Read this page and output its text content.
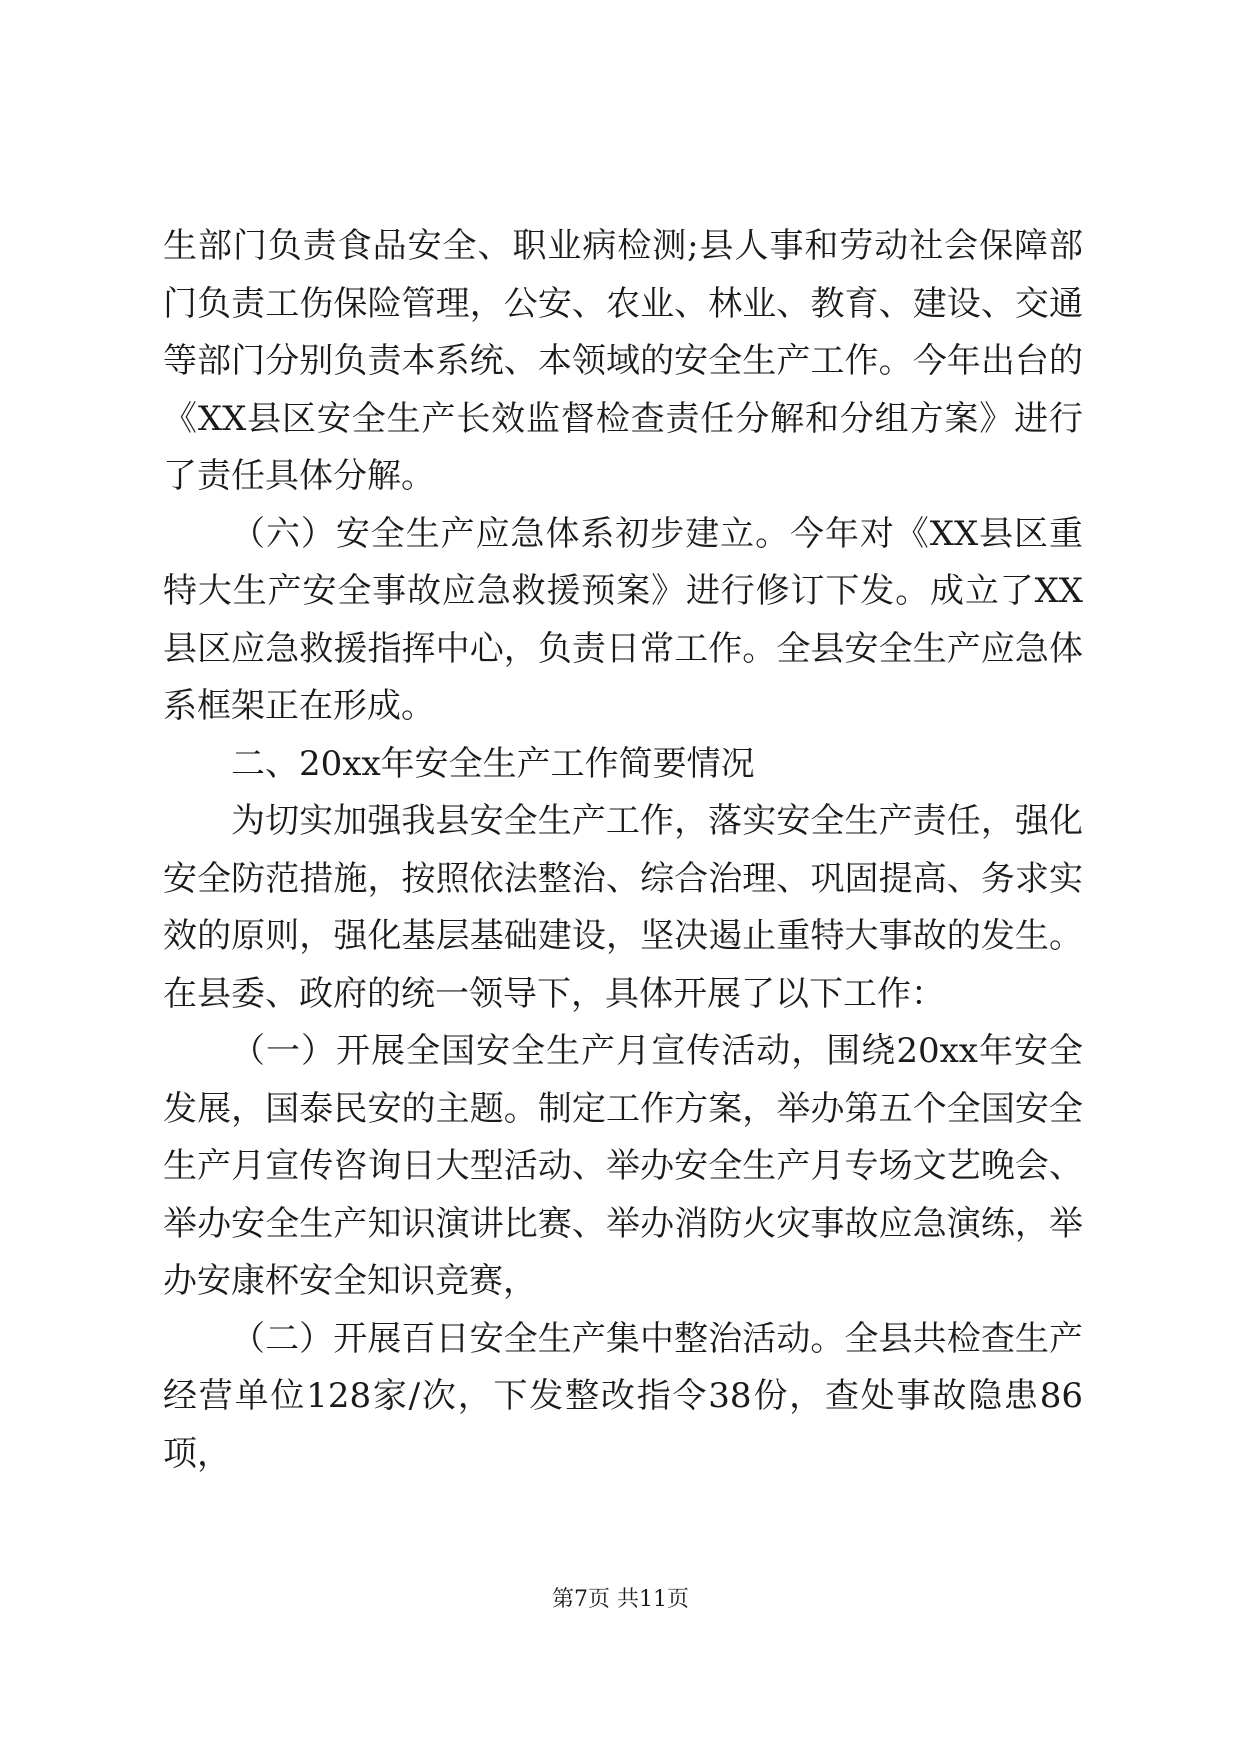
生部门负责食品安全、职业病检测;县人事和劳动社会保障部门负责工伤保险管理，公安、农业、林业、教育、建设、交通等部门分别负责本系统、本领域的安全生产工作。今年出台的《XX县区安全生产长效监督检查责任分解和分组方案》进行了责任具体分解。

（六）安全生产应急体系初步建立。今年对《XX县区重特大生产安全事故应急救援预案》进行修订下发。成立了XX县区应急救援指挥中心，负责日常工作。全县安全生产应急体系框架正在形成。

二、20xx年安全生产工作简要情况

为切实加强我县安全生产工作，落实安全生产责任，强化安全防范措施，按照依法整治、综合治理、巩固提高、务求实效的原则，强化基层基础建设，坚决遏止重特大事故的发生。在县委、政府的统一领导下，具体开展了以下工作：

（一）开展全国安全生产月宣传活动，围绕20xx年安全发展，国泰民安的主题。制定工作方案，举办第五个全国安全生产月宣传咨询日大型活动、举办安全生产月专场文艺晚会、举办安全生产知识演讲比赛、举办消防火灾事故应急演练，举办安康杯安全知识竞赛，

（二）开展百日安全生产集中整治活动。全县共检查生产经营单位128家/次，下发整改指令38份，查处事故隐患86项，

第7页 共11页
